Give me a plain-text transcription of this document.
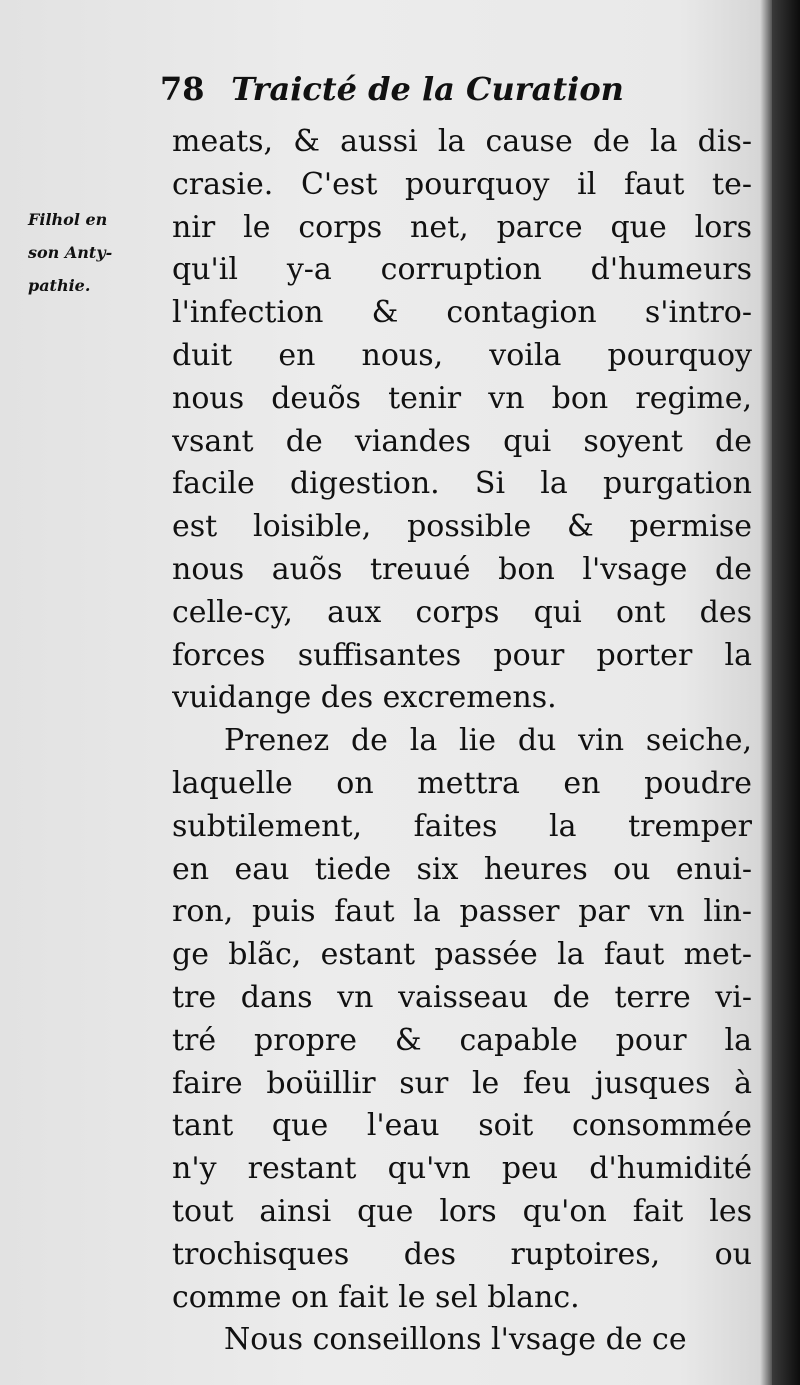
78 Traicté de la Curation
Filhol en
son Anty-
pathie.
meats, & aussi la cause de la dis-
crasie. C'est pourquoy il faut te-
nir le corps net, parce que lors
qu'il y-a corruption d'humeurs
l'infection & contagion s'intro-
duit en nous, voila pourquoy
nous deuõs tenir vn bon regime,
vsant de viandes qui soyent de
facile digestion. Si la purgation
est loisible, possible & permise
nous auõs treuué bon l'vsage de
celle-cy, aux corps qui ont des
forces suffisantes pour porter la
vuidange des excremens.
Prenez de la lie du vin seiche,
laquelle on mettra en poudre
subtilement, faites la tremper
en eau tiede six heures ou enui-
ron, puis faut la passer par vn lin-
ge blãc, estant passée la faut met-
tre dans vn vaisseau de terre vi-
tré propre & capable pour la
faire boüillir sur le feu jusques à
tant que l'eau soit consommée
n'y restant qu'vn peu d'humidité
tout ainsi que lors qu'on fait les
trochisques des ruptoires, ou
comme on fait le sel blanc.
Nous conseillons l'vsage de ce
